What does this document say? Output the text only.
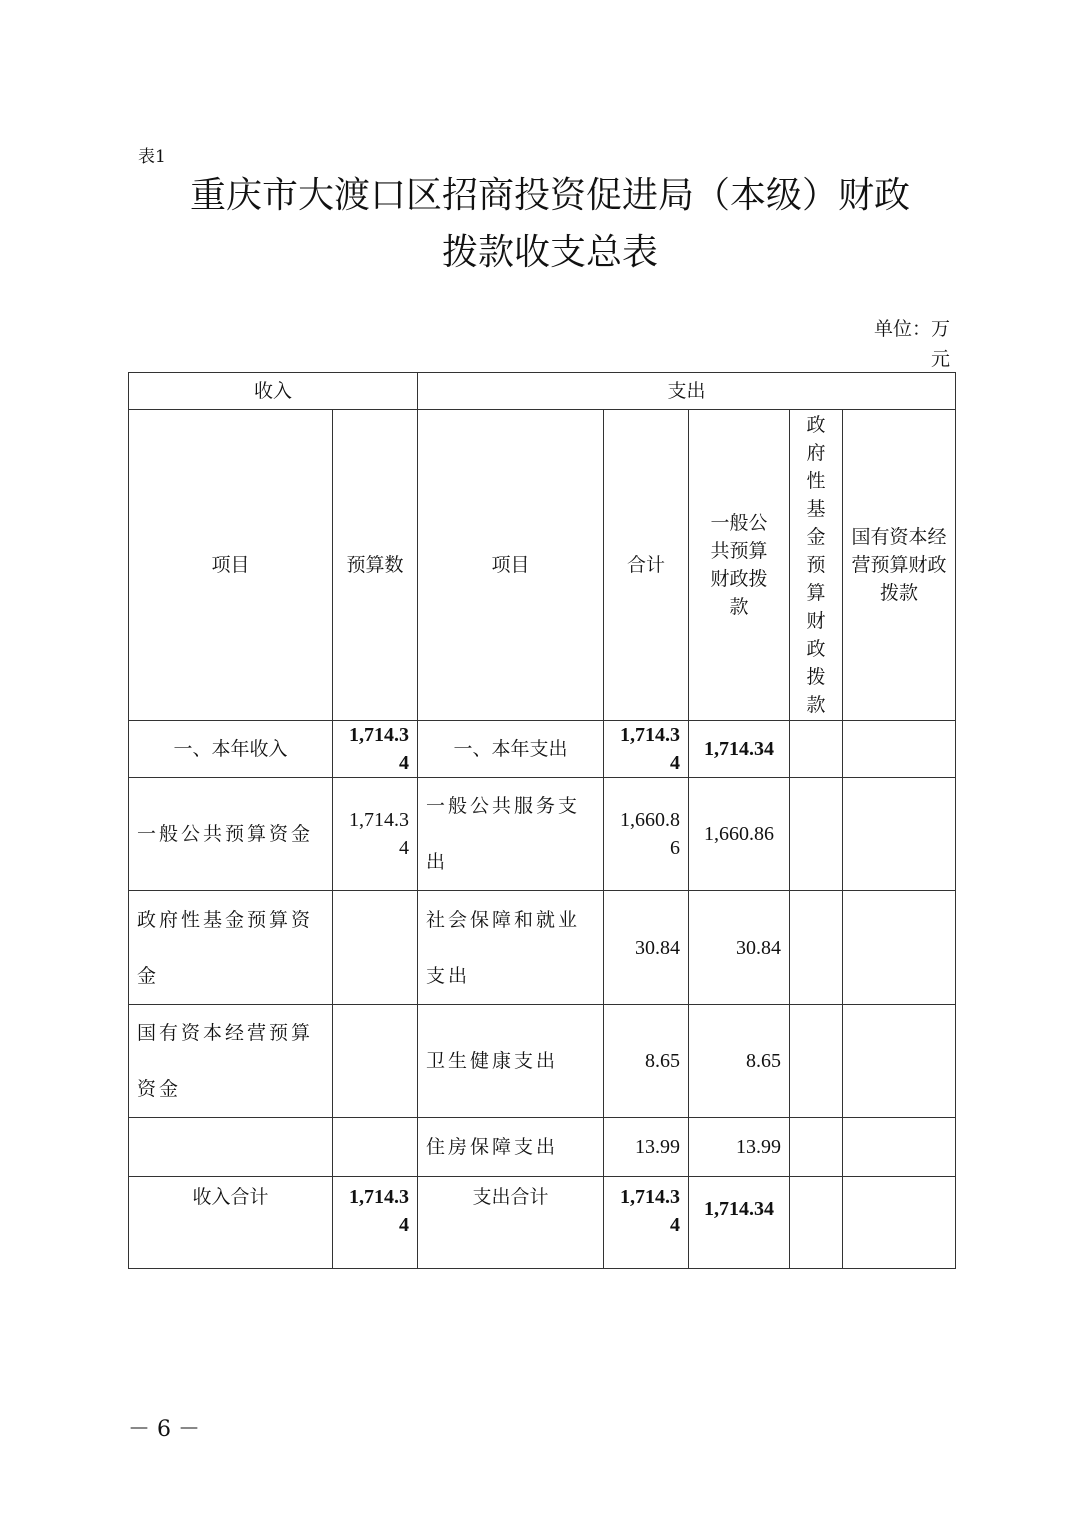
表1
重庆市大渡口区招商投资促进局（本级）财政
拨款收支总表
单位：万元
收入		支出				
项目	预算数	项目	合计	一般公共预算财政拨款	政府性基金预算财政拨款	国有资本经营预算财政拨款
一、本年收入	1,714.34	一、本年支出	1,714.34	1,714.34		
一般公共预算资金	1,714.34	一般公共服务支出	1,660.86	1,660.86		
政府性基金预算资金		社会保障和就业支出	30.84	30.84		
国有资本经营预算资金		卫生健康支出	8.65	8.65		
		住房保障支出	13.99	13.99		
收入合计	1,714.34	支出合计	1,714.34	1,714.34		
－ 6 －
